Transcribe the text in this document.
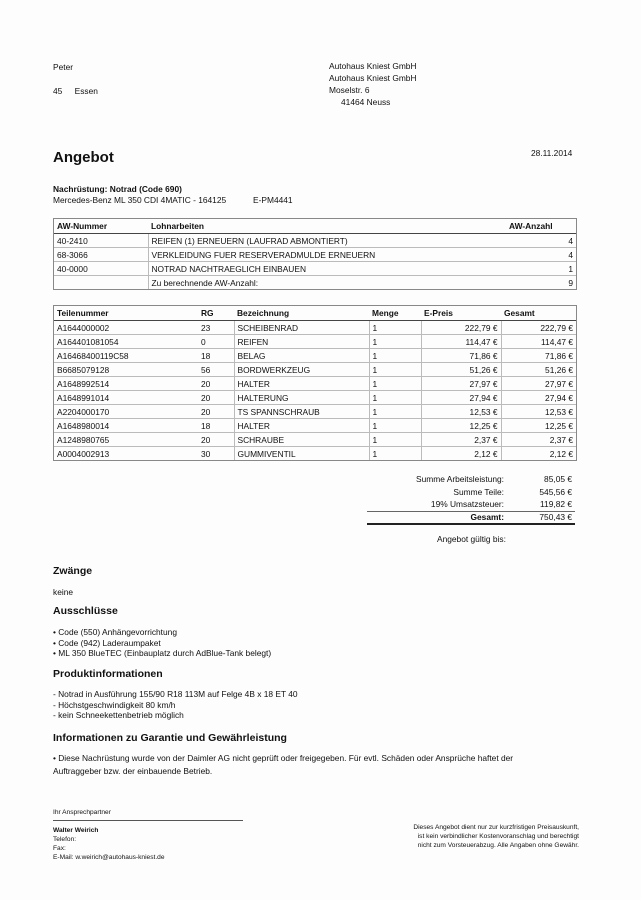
Peter
45 Essen
Autohaus Kniest GmbH
Autohaus Kniest GmbH
Moselstr. 6
41464 Neuss
Angebot	28.11.2014
Nachrüstung: Notrad (Code 690)
Mercedes-Benz ML 350 CDI 4MATIC - 164125	E-PM4441
AW-Nummer	Lohnarbeiten	AW-Anzahl
40-2410	REIFEN (1) ERNEUERN (LAUFRAD ABMONTIERT)	4
68-3066	VERKLEIDUNG FUER RESERVERADMULDE ERNEUERN	4
40-0000	NOTRAD NACHTRAEGLICH EINBAUEN	1
	Zu berechnende AW-Anzahl:	9
Teilenummer	RG	Bezeichnung	Menge	E-Preis	Gesamt
A1644000002	23	SCHEIBENRAD	1	222,79 €	222,79 €
A164401081054	0	REIFEN	1	114,47 €	114,47 €
A16468400119C58	18	BELAG	1	71,86 €	71,86 €
B6685079128	56	BORDWERKZEUG	1	51,26 €	51,26 €
A1648992514	20	HALTER	1	27,97 €	27,97 €
A1648991014	20	HALTERUNG	1	27,94 €	27,94 €
A2204000170	20	TS SPANNSCHRAUB	1	12,53 €	12,53 €
A1648980014	18	HALTER	1	12,25 €	12,25 €
A1248980765	20	SCHRAUBE	1	2,37 €	2,37 €
A0004002913	30	GUMMIVENTIL	1	2,12 €	2,12 €
Summe Arbeitsleistung:	85,05 €
Summe Teile:	545,56 €
19% Umsatzsteuer:	119,82 €
Gesamt:	750,43 €
Angebot gültig bis:
Zwänge
keine
Ausschlüsse
• Code (550) Anhängevorrichtung
• Code (942) Laderaumpaket
• ML 350 BlueTEC (Einbauplatz durch AdBlue-Tank belegt)
Produktinformationen
- Notrad in Ausführung 155/90 R18 113M auf Felge 4B x 18 ET 40
- Höchstgeschwindigkeit 80 km/h
- kein Schneekettenbetrieb möglich
Informationen zu Garantie und Gewährleistung
• Diese Nachrüstung wurde von der Daimler AG nicht geprüft oder freigegeben. Für evtl. Schäden oder Ansprüche haftet der
Auftraggeber bzw. der einbauende Betrieb.
Ihr Ansprechpartner
Walter Weirich
Telefon:
Fax:
E-Mail: w.weirich@autohaus-kniest.de
Dieses Angebot dient nur zur kurzfristigen Preisauskunft,
ist kein verbindlicher Kostenvoranschlag und berechtigt
nicht zum Vorsteuerabzug. Alle Angaben ohne Gewähr.
